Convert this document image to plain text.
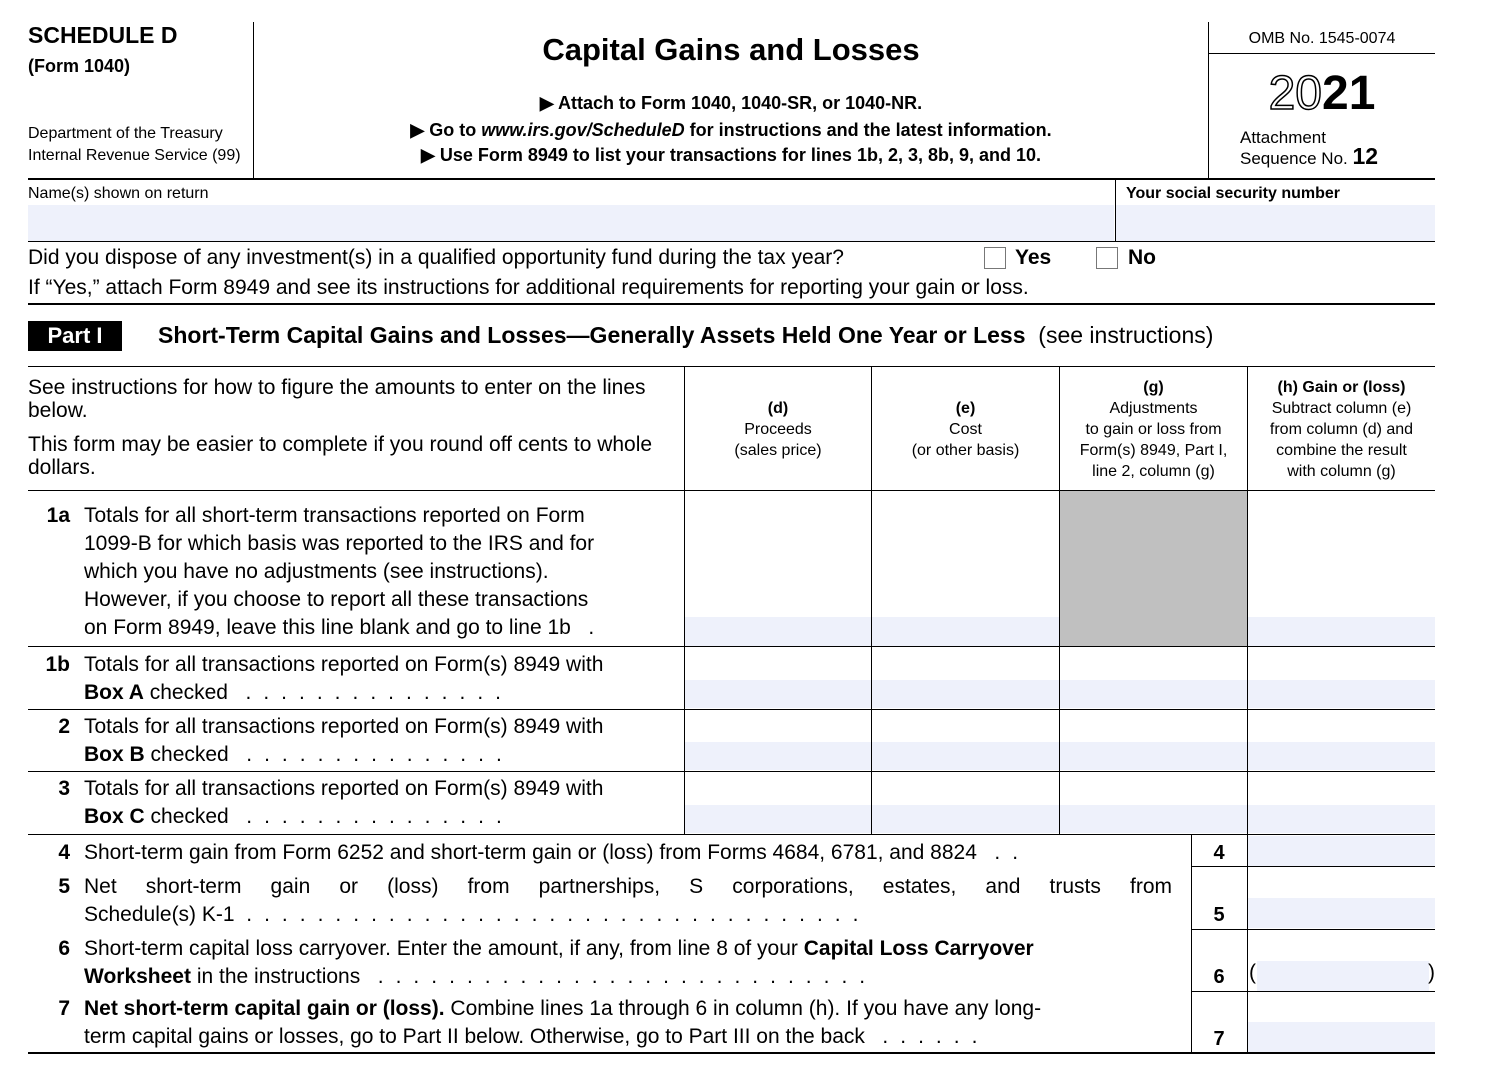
SCHEDULE D
(Form 1040)
Department of the Treasury
Internal Revenue Service (99)
Capital Gains and Losses
▶ Attach to Form 1040, 1040-SR, or 1040-NR.
▶ Go to www.irs.gov/ScheduleD for instructions and the latest information.
▶ Use Form 8949 to list your transactions for lines 1b, 2, 3, 8b, 9, and 10.
OMB No. 1545-0074
2021
Attachment
Sequence No. 12
Name(s) shown on return	Your social security number
Did you dispose of any investment(s) in a qualified opportunity fund during the tax year?	Yes	No
If “Yes,” attach Form 8949 and see its instructions for additional requirements for reporting your gain or loss.
Part I	Short-Term Capital Gains and Losses—Generally Assets Held One Year or Less (see instructions)
See instructions for how to figure the amounts to enter on the lines below.
This form may be easier to complete if you round off cents to whole dollars.
(d)
Proceeds
(sales price)
(e)
Cost
(or other basis)
(g)
Adjustments
to gain or loss from
Form(s) 8949, Part I,
line 2, column (g)
(h) Gain or (loss)
Subtract column (e)
from column (d) and
combine the result
with column (g)
1a Totals for all short-term transactions reported on Form
1099-B for which basis was reported to the IRS and for
which you have no adjustments (see instructions).
However, if you choose to report all these transactions
on Form 8949, leave this line blank and go to line 1b .
1b Totals for all transactions reported on Form(s) 8949 with
Box A checked ...............
2 Totals for all transactions reported on Form(s) 8949 with
Box B checked ...............
3 Totals for all transactions reported on Form(s) 8949 with
Box C checked ...............
4 Short-term gain from Form 6252 and short-term gain or (loss) from Forms 4684, 6781, and 8824 ..	4
5 Net short-term gain or (loss) from partnerships, S corporations, estates, and trusts from
Schedule(s) K-1 ...................................	5
6 Short-term capital loss carryover. Enter the amount, if any, from line 8 of your Capital Loss Carryover
Worksheet in the instructions ............................	6	(	)
7 Net short-term capital gain or (loss). Combine lines 1a through 6 in column (h). If you have any long-
term capital gains or losses, go to Part II below. Otherwise, go to Part III on the back ......	7
